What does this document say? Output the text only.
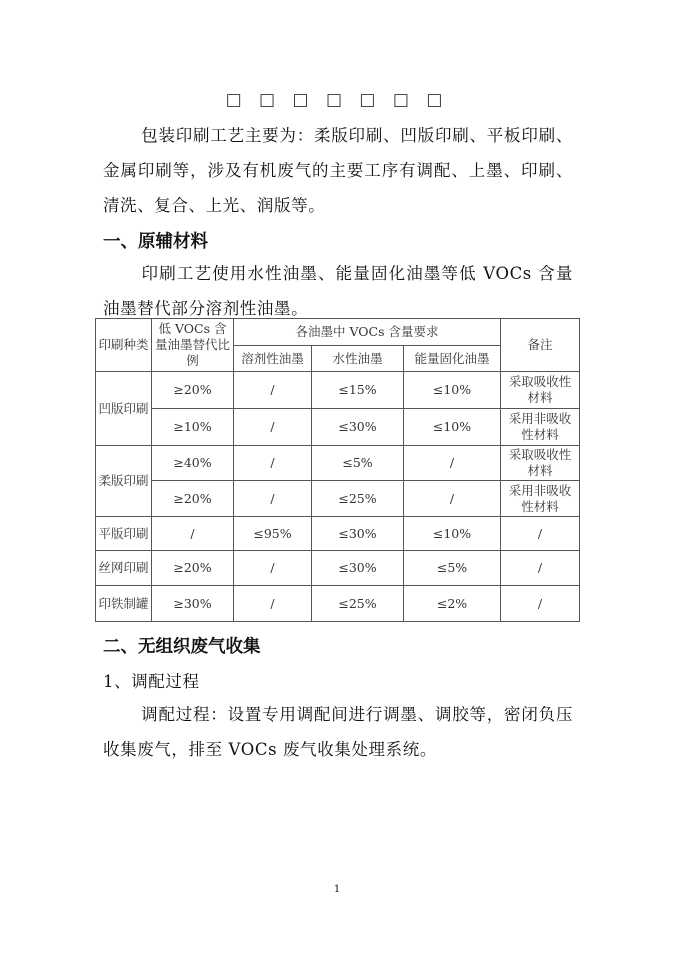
□ □ □ □ □ □ □
包装印刷工艺主要为：柔版印刷、凹版印刷、平板印刷、金属印刷等，涉及有机废气的主要工序有调配、上墨、印刷、清洗、复合、上光、润版等。
一、原辅材料
印刷工艺使用水性油墨、能量固化油墨等低 VOCs 含量油墨替代部分溶剂性油墨。
印刷种类	低 VOCs 含量油墨替代比例	各油墨中 VOCs 含量要求			备注
		溶剂性油墨	水性油墨	能量固化油墨	
凹版印刷	≥20%	/	≤15%	≤10%	采取吸收性材料
	≥10%	/	≤30%	≤10%	采用非吸收性材料
柔版印刷	≥40%	/	≤5%	/	采取吸收性材料
	≥20%	/	≤25%	/	采用非吸收性材料
平版印刷	/	≤95%	≤30%	≤10%	/
丝网印刷	≥20%	/	≤30%	≤5%	/
印铁制罐	≥30%	/	≤25%	≤2%	/
二、无组织废气收集
1、调配过程
调配过程：设置专用调配间进行调墨、调胶等，密闭负压收集废气，排至 VOCs 废气收集处理系统。
1
